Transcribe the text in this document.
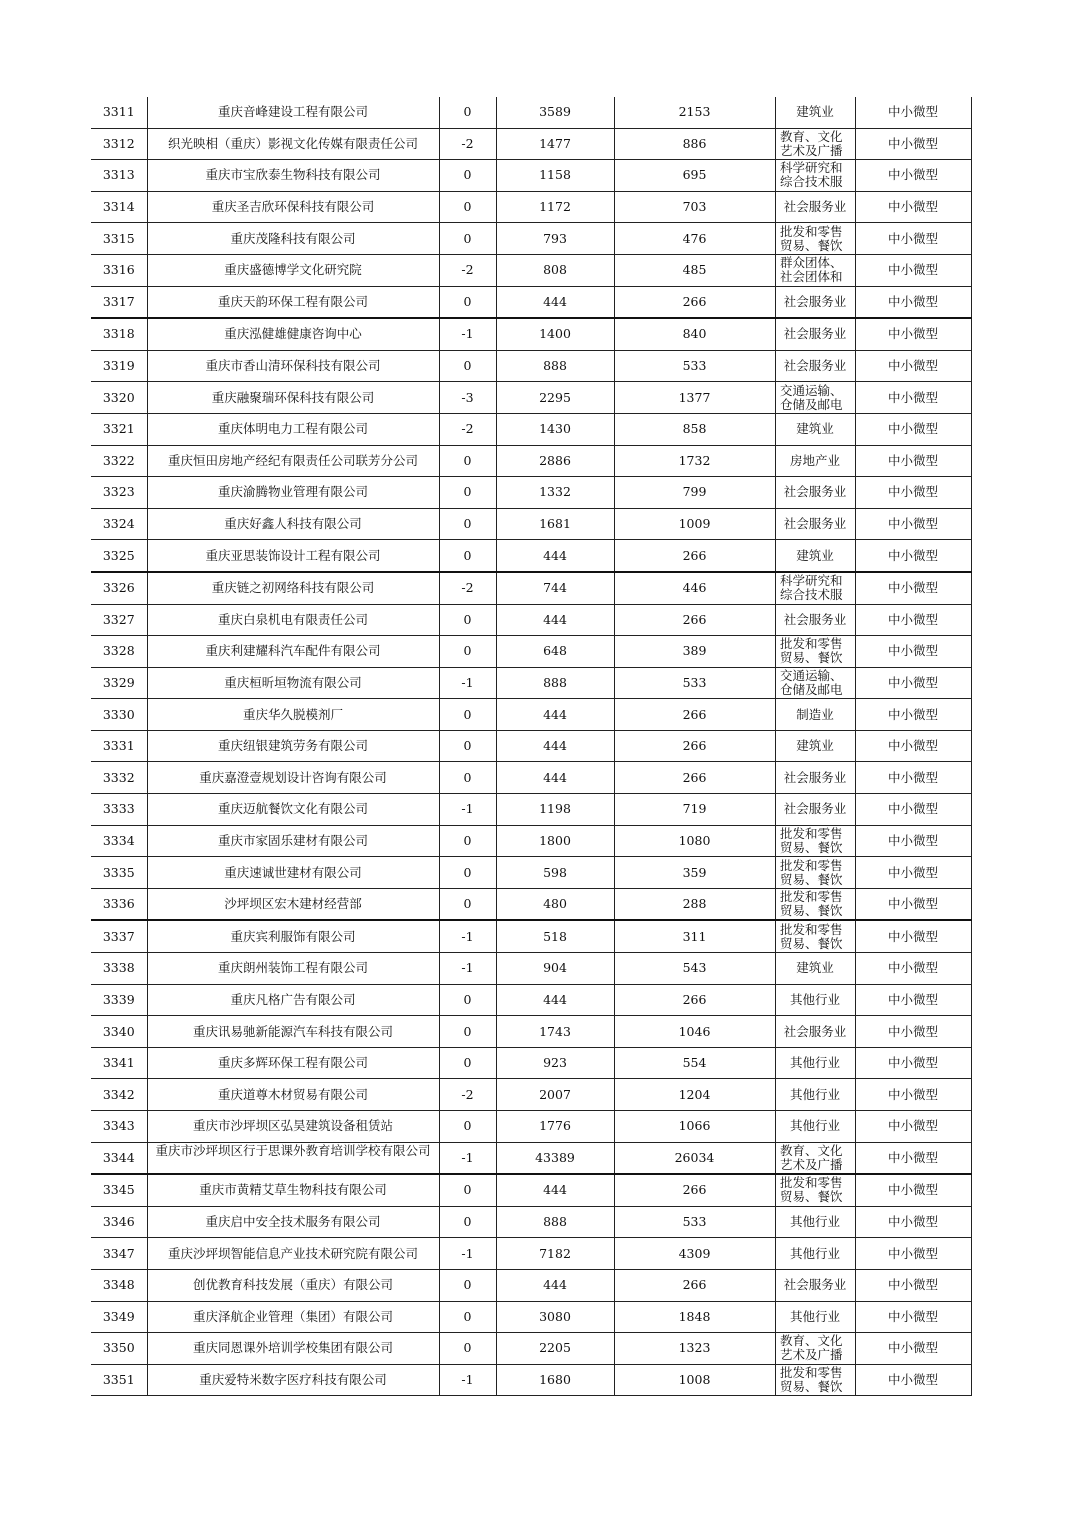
3311	重庆音峰建设工程有限公司	0	3589	2153	建筑业	中小微型
3312	织光映相（重庆）影视文化传媒有限责任公司	-2	1477	886	教育、文化艺术及广播	中小微型
3313	重庆市宝欣泰生物科技有限公司	0	1158	695	科学研究和综合技术服	中小微型
3314	重庆圣吉欣环保科技有限公司	0	1172	703	社会服务业	中小微型
3315	重庆茂隆科技有限公司	0	793	476	批发和零售贸易、餐饮	中小微型
3316	重庆盛德博学文化研究院	-2	808	485	群众团体、社会团体和	中小微型
3317	重庆天韵环保工程有限公司	0	444	266	社会服务业	中小微型
3318	重庆泓健雄健康咨询中心	-1	1400	840	社会服务业	中小微型
3319	重庆市香山清环保科技有限公司	0	888	533	社会服务业	中小微型
3320	重庆融聚瑞环保科技有限公司	-3	2295	1377	交通运输、仓储及邮电	中小微型
3321	重庆体明电力工程有限公司	-2	1430	858	建筑业	中小微型
3322	重庆恒田房地产经纪有限责任公司联芳分公司	0	2886	1732	房地产业	中小微型
3323	重庆渝腾物业管理有限公司	0	1332	799	社会服务业	中小微型
3324	重庆好鑫人科技有限公司	0	1681	1009	社会服务业	中小微型
3325	重庆亚思装饰设计工程有限公司	0	444	266	建筑业	中小微型
3326	重庆链之初网络科技有限公司	-2	744	446	科学研究和综合技术服	中小微型
3327	重庆白泉机电有限责任公司	0	444	266	社会服务业	中小微型
3328	重庆利建耀科汽车配件有限公司	0	648	389	批发和零售贸易、餐饮	中小微型
3329	重庆桓昕垣物流有限公司	-1	888	533	交通运输、仓储及邮电	中小微型
3330	重庆华久脱模剂厂	0	444	266	制造业	中小微型
3331	重庆纽银建筑劳务有限公司	0	444	266	建筑业	中小微型
3332	重庆嘉澄壹规划设计咨询有限公司	0	444	266	社会服务业	中小微型
3333	重庆迈航餐饮文化有限公司	-1	1198	719	社会服务业	中小微型
3334	重庆市家固乐建材有限公司	0	1800	1080	批发和零售贸易、餐饮	中小微型
3335	重庆速诚世建材有限公司	0	598	359	批发和零售贸易、餐饮	中小微型
3336	沙坪坝区宏木建材经营部	0	480	288	批发和零售贸易、餐饮	中小微型
3337	重庆宾利服饰有限公司	-1	518	311	批发和零售贸易、餐饮	中小微型
3338	重庆朗州装饰工程有限公司	-1	904	543	建筑业	中小微型
3339	重庆凡格广告有限公司	0	444	266	其他行业	中小微型
3340	重庆讯易驰新能源汽车科技有限公司	0	1743	1046	社会服务业	中小微型
3341	重庆多辉环保工程有限公司	0	923	554	其他行业	中小微型
3342	重庆道尊木材贸易有限公司	-2	2007	1204	其他行业	中小微型
3343	重庆市沙坪坝区弘昊建筑设备租赁站	0	1776	1066	其他行业	中小微型
3344	重庆市沙坪坝区行于思课外教育培训学校有限公司	-1	43389	26034	教育、文化艺术及广播	中小微型
3345	重庆市黄精艾草生物科技有限公司	0	444	266	批发和零售贸易、餐饮	中小微型
3346	重庆启中安全技术服务有限公司	0	888	533	其他行业	中小微型
3347	重庆沙坪坝智能信息产业技术研究院有限公司	-1	7182	4309	其他行业	中小微型
3348	创优教育科技发展（重庆）有限公司	0	444	266	社会服务业	中小微型
3349	重庆泽航企业管理（集团）有限公司	0	3080	1848	其他行业	中小微型
3350	重庆同恩课外培训学校集团有限公司	0	2205	1323	教育、文化艺术及广播	中小微型
3351	重庆爱特米数字医疗科技有限公司	-1	1680	1008	批发和零售贸易、餐饮	中小微型
